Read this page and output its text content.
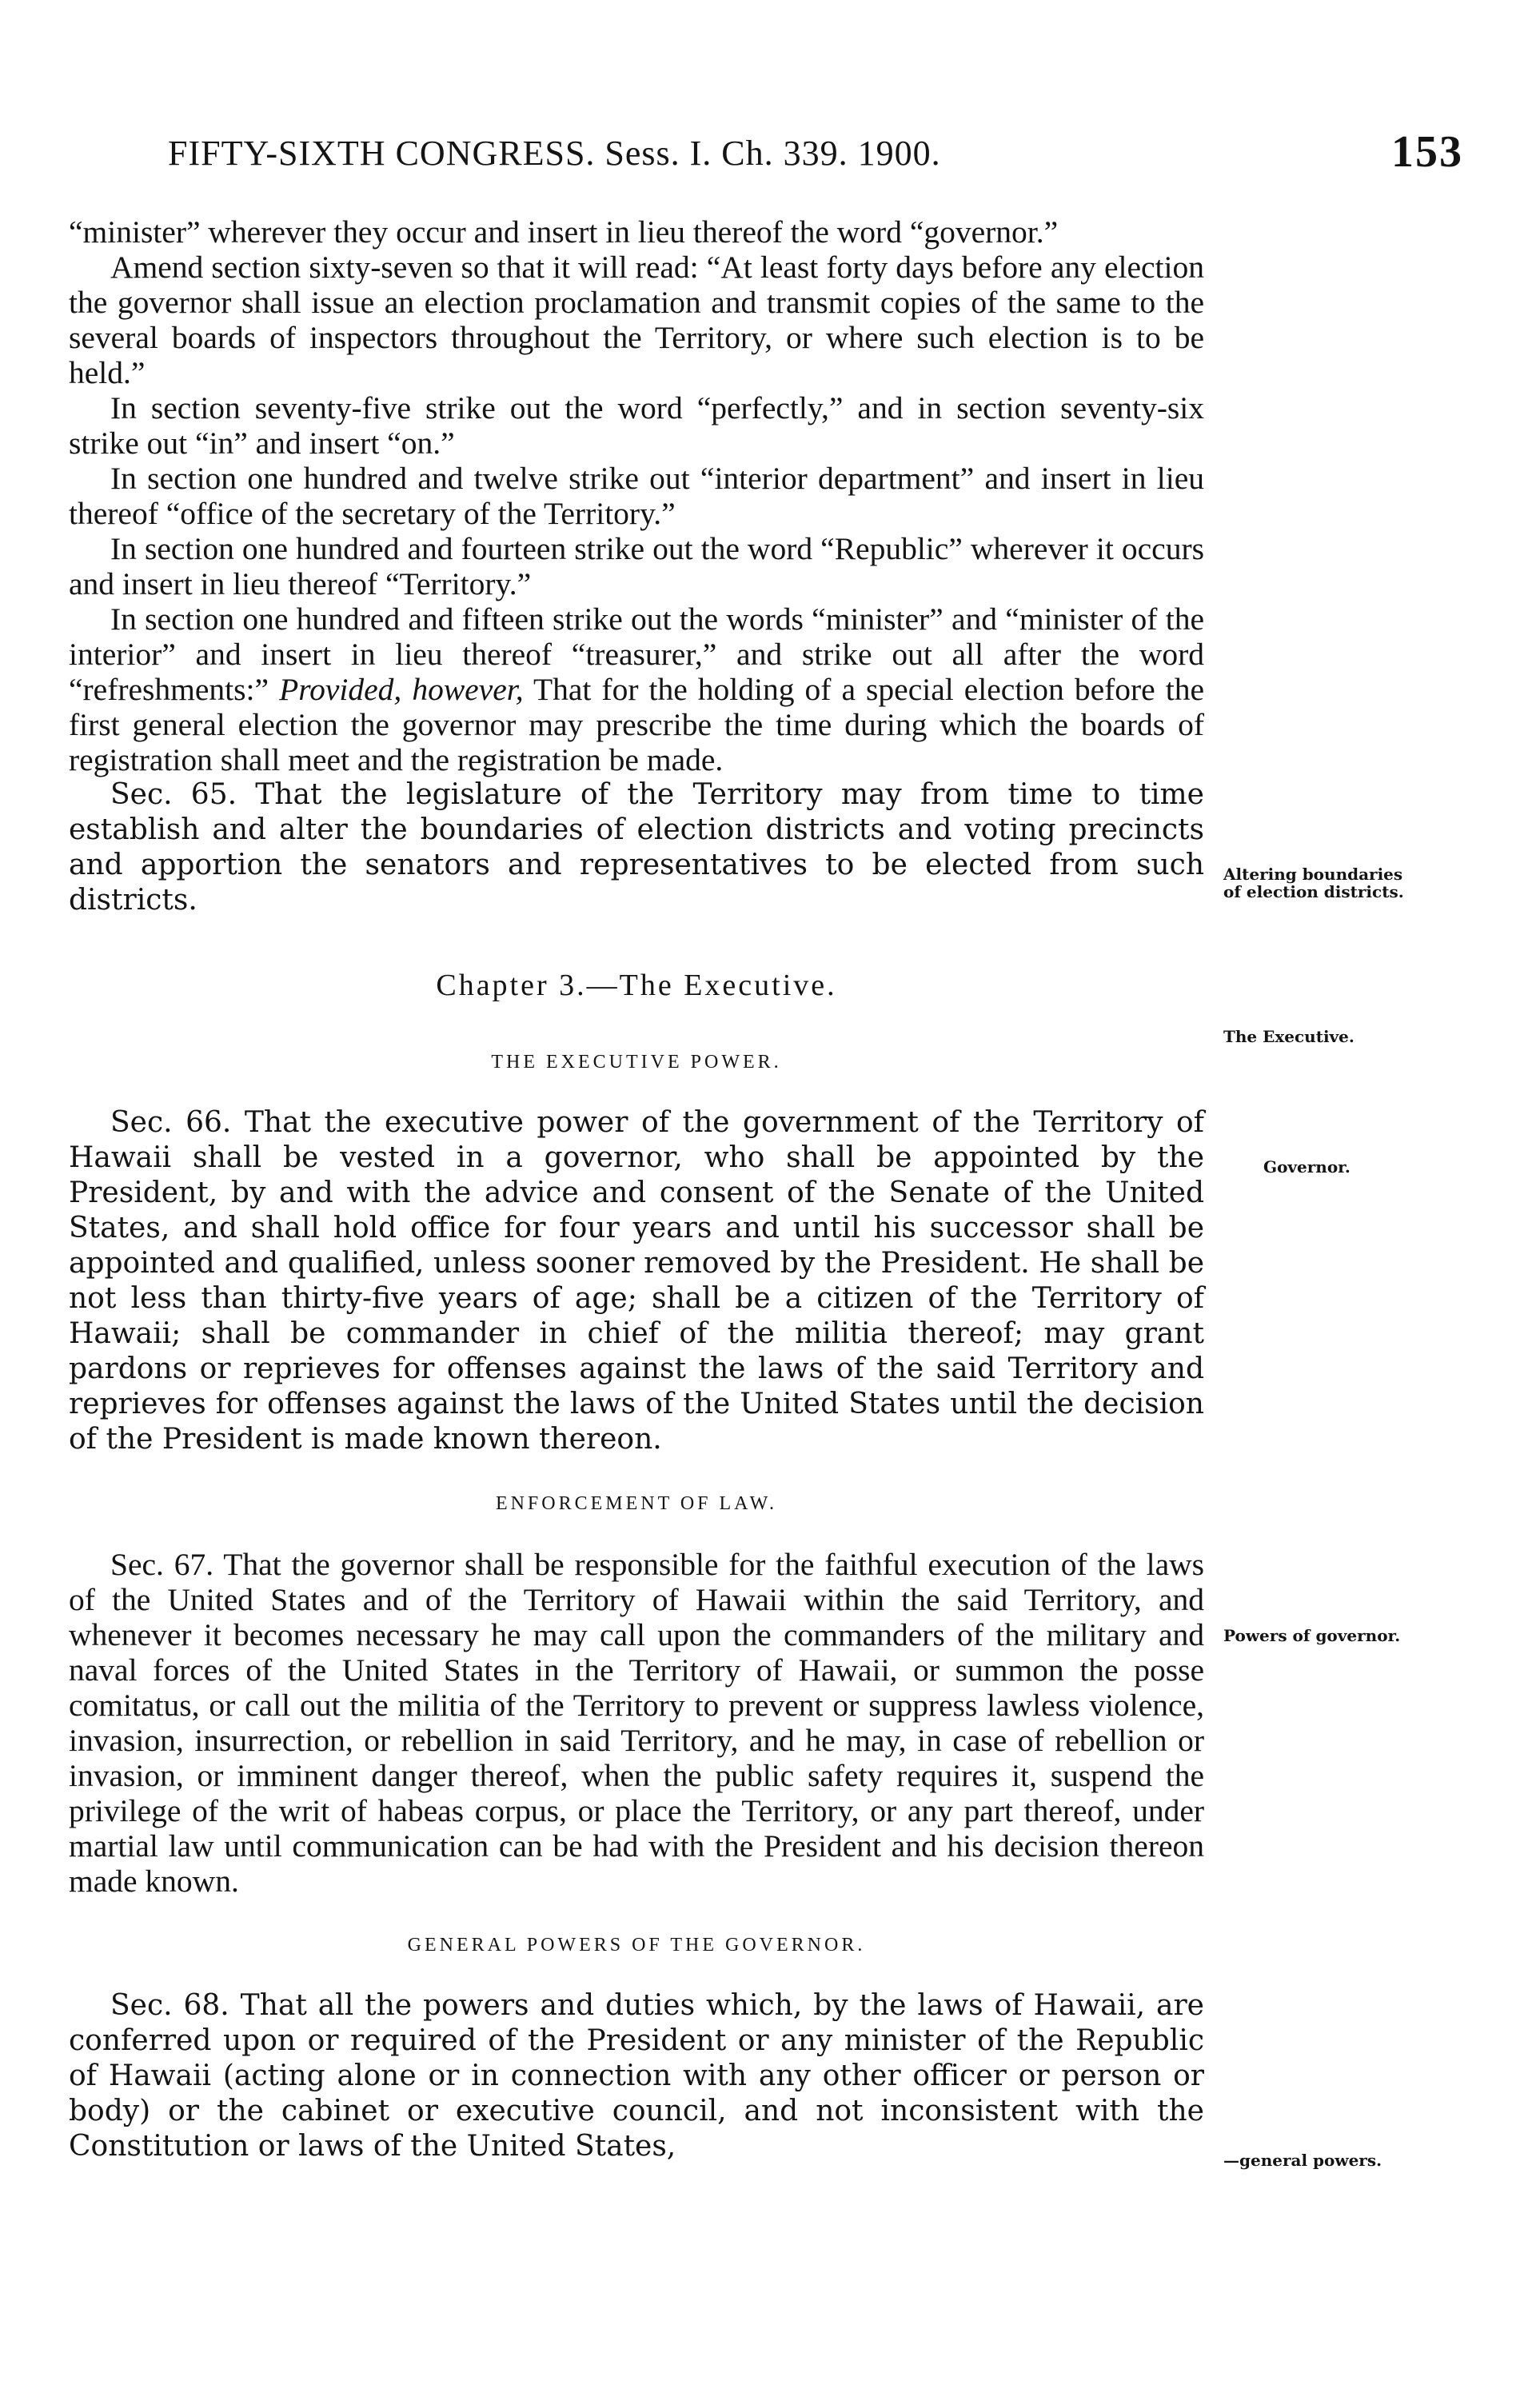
FIFTY-SIXTH CONGRESS. Sess. I. Ch. 339. 1900.	153

“minister” wherever they occur and insert in lieu thereof the word “governor.”

Amend section sixty-seven so that it will read: “At least forty days before any election the governor shall issue an election proclamation and transmit copies of the same to the several boards of inspectors throughout the Territory, or where such election is to be held.”

In section seventy-five strike out the word “perfectly,” and in section seventy-six strike out “in” and insert “on.”

In section one hundred and twelve strike out “interior department” and insert in lieu thereof “office of the secretary of the Territory.”

In section one hundred and fourteen strike out the word “Republic” wherever it occurs and insert in lieu thereof “Territory.”

In section one hundred and fifteen strike out the words “minister” and “minister of the interior” and insert in lieu thereof “treasurer,” and strike out all after the word “refreshments:” Provided, however, That for the holding of a special election before the first general election the governor may prescribe the time during which the boards of registration shall meet and the registration be made.

Sec. 65. That the legislature of the Territory may from time to time establish and alter the boundaries of election districts and voting precincts and apportion the senators and representatives to be elected from such districts.

Chapter 3.—The Executive.
THE EXECUTIVE POWER.

Sec. 66. That the executive power of the government of the Territory of Hawaii shall be vested in a governor, who shall be appointed by the President, by and with the advice and consent of the Senate of the United States, and shall hold office for four years and until his successor shall be appointed and qualified, unless sooner removed by the President. He shall be not less than thirty-five years of age; shall be a citizen of the Territory of Hawaii; shall be commander in chief of the militia thereof; may grant pardons or reprieves for offenses against the laws of the said Territory and reprieves for offenses against the laws of the United States until the decision of the President is made known thereon.

ENFORCEMENT OF LAW.

Sec. 67. That the governor shall be responsible for the faithful execution of the laws of the United States and of the Territory of Hawaii within the said Territory, and whenever it becomes necessary he may call upon the commanders of the military and naval forces of the United States in the Territory of Hawaii, or summon the posse comitatus, or call out the militia of the Territory to prevent or suppress lawless violence, invasion, insurrection, or rebellion in said Territory, and he may, in case of rebellion or invasion, or imminent danger thereof, when the public safety requires it, suspend the privilege of the writ of habeas corpus, or place the Territory, or any part thereof, under martial law until communication can be had with the President and his decision thereon made known.

GENERAL POWERS OF THE GOVERNOR.

Sec. 68. That all the powers and duties which, by the laws of Hawaii, are conferred upon or required of the President or any minister of the Republic of Hawaii (acting alone or in connection with any other officer or person or body) or the cabinet or executive council, and not inconsistent with the Constitution or laws of the United States,

Altering boundaries
of election districts.
The Executive.
Governor.
Powers of governor.
—general powers.
